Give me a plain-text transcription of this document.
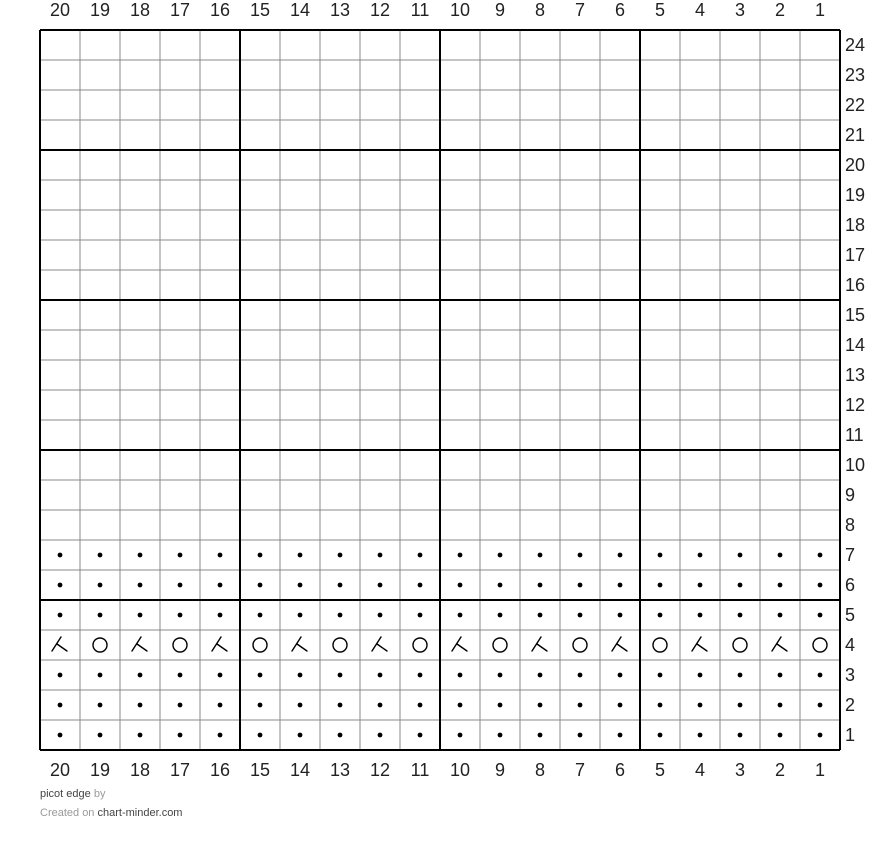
20 19 18 17 16 15 14 13 12 11 10 9 8 7 6 5 4 3 2 1
20 19 18 17 16 15 14 13 12 11 10 9 8 7 6 5 4 3 2 1
24
23
22
21
20
19
18
17
16
15
14
13
12
11
10
9
8
7
6
5
4
3
2
1
picot edge by
Created on chart-minder.com
